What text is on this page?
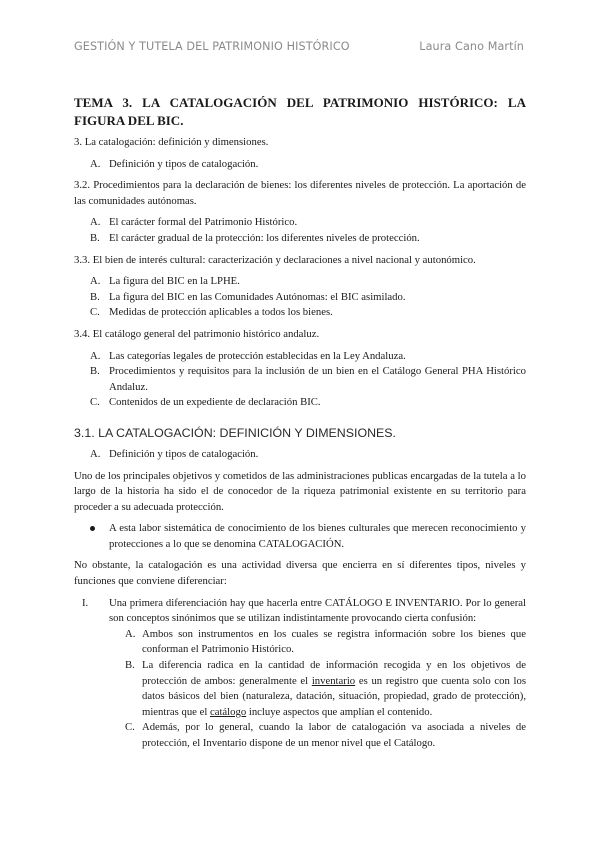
GESTIÓN Y TUTELA DEL PATRIMONIO HISTÓRICO	Laura Cano Martín

TEMA 3. LA CATALOGACIÓN DEL PATRIMONIO HISTÓRICO: LA FIGURA DEL BIC.

3. La catalogación: definición y dimensiones.

A. Definición y tipos de catalogación.

3.2. Procedimientos para la declaración de bienes: los diferentes niveles de protección. La aportación de las comunidades autónomas.

A. El carácter formal del Patrimonio Histórico.
B. El carácter gradual de la protección: los diferentes niveles de protección.

3.3. El bien de interés cultural: caracterización y declaraciones a nivel nacional y autonómico.

A. La figura del BIC en la LPHE.
B. La figura del BIC en las Comunidades Autónomas: el BIC asimilado.
C. Medidas de protección aplicables a todos los bienes.

3.4. El catálogo general del patrimonio histórico andaluz.

A. Las categorías legales de protección establecidas en la Ley Andaluza.
B. Procedimientos y requisitos para la inclusión de un bien en el Catálogo General PHA Histórico Andaluz.
C. Contenidos de un expediente de declaración BIC.
3.1. LA CATALOGACIÓN: DEFINICIÓN Y DIMENSIONES.
A. Definición y tipos de catalogación.

Uno de los principales objetivos y cometidos de las administraciones publicas encargadas de la tutela a lo largo de la historia ha sido el de conocedor de la riqueza patrimonial existente en su territorio para proceder a su adecuada protección.

A esta labor sistemática de conocimiento de los bienes culturales que merecen reconocimiento y protecciones a lo que se denomina CATALOGACIÓN.

No obstante, la catalogación es una actividad diversa que encierra en sí diferentes tipos, niveles y funciones que conviene diferenciar:

I. Una primera diferenciación hay que hacerla entre CATÁLOGO E INVENTARIO. Por lo general son conceptos sinónimos que se utilizan indistintamente provocando cierta confusión:
A. Ambos son instrumentos en los cuales se registra información sobre los bienes que conforman el Patrimonio Histórico.
B. La diferencia radica en la cantidad de información recogida y en los objetivos de protección de ambos: generalmente el inventario es un registro que cuenta solo con los datos básicos del bien (naturaleza, datación, situación, propiedad, grado de protección), mientras que el catálogo incluye aspectos que amplían el contenido.
C. Además, por lo general, cuando la labor de catalogación va asociada a niveles de protección, el Inventario dispone de un menor nivel que el Catálogo.
